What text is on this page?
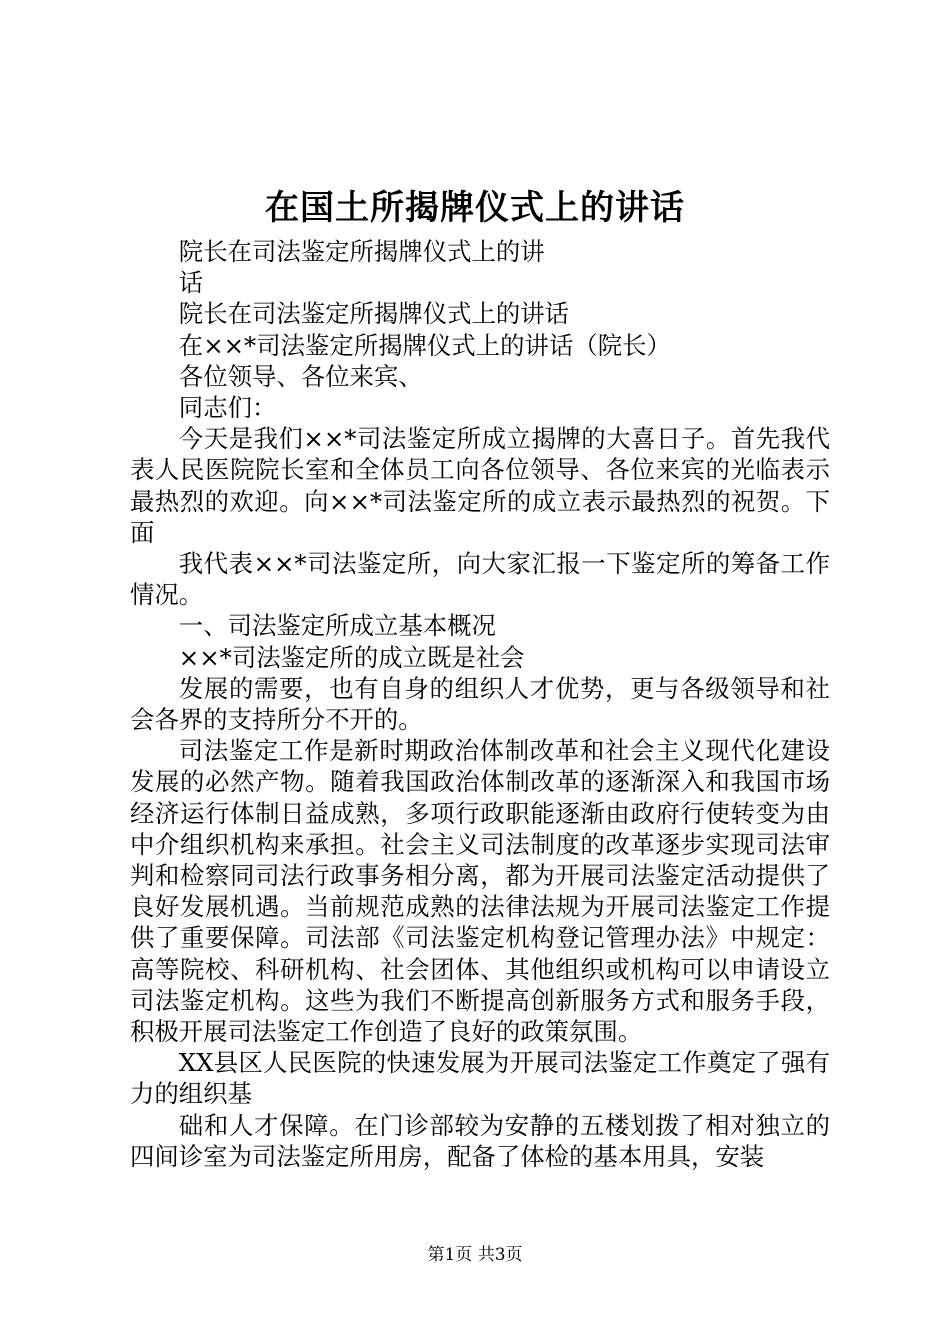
在国土所揭牌仪式上的讲话

院长在司法鉴定所揭牌仪式上的讲

话

院长在司法鉴定所揭牌仪式上的讲话

在××*司法鉴定所揭牌仪式上的讲话（院长）

各位领导、各位来宾、

同志们：

今天是我们××*司法鉴定所成立揭牌的大喜日子。首先我代表人民医院院长室和全体员工向各位领导、各位来宾的光临表示最热烈的欢迎。向××*司法鉴定所的成立表示最热烈的祝贺。下面

我代表××*司法鉴定所，向大家汇报一下鉴定所的筹备工作情况。

一、司法鉴定所成立基本概况

××*司法鉴定所的成立既是社会

发展的需要，也有自身的组织人才优势，更与各级领导和社会各界的支持所分不开的。

司法鉴定工作是新时期政治体制改革和社会主义现代化建设发展的必然产物。随着我国政治体制改革的逐渐深入和我国市场经济运行体制日益成熟，多项行政职能逐渐由政府行使转变为由中介组织机构来承担。社会主义司法制度的改革逐步实现司法审判和检察同司法行政事务相分离，都为开展司法鉴定活动提供了良好发展机遇。当前规范成熟的法律法规为开展司法鉴定工作提供了重要保障。司法部《司法鉴定机构登记管理办法》中规定：高等院校、科研机构、社会团体、其他组织或机构可以申请设立司法鉴定机构。这些为我们不断提高创新服务方式和服务手段，积极开展司法鉴定工作创造了良好的政策氛围。

XX县区人民医院的快速发展为开展司法鉴定工作奠定了强有力的组织基

础和人才保障。在门诊部较为安静的五楼划拨了相对独立的四间诊室为司法鉴定所用房，配备了体检的基本用具，安装

第1页 共3页
